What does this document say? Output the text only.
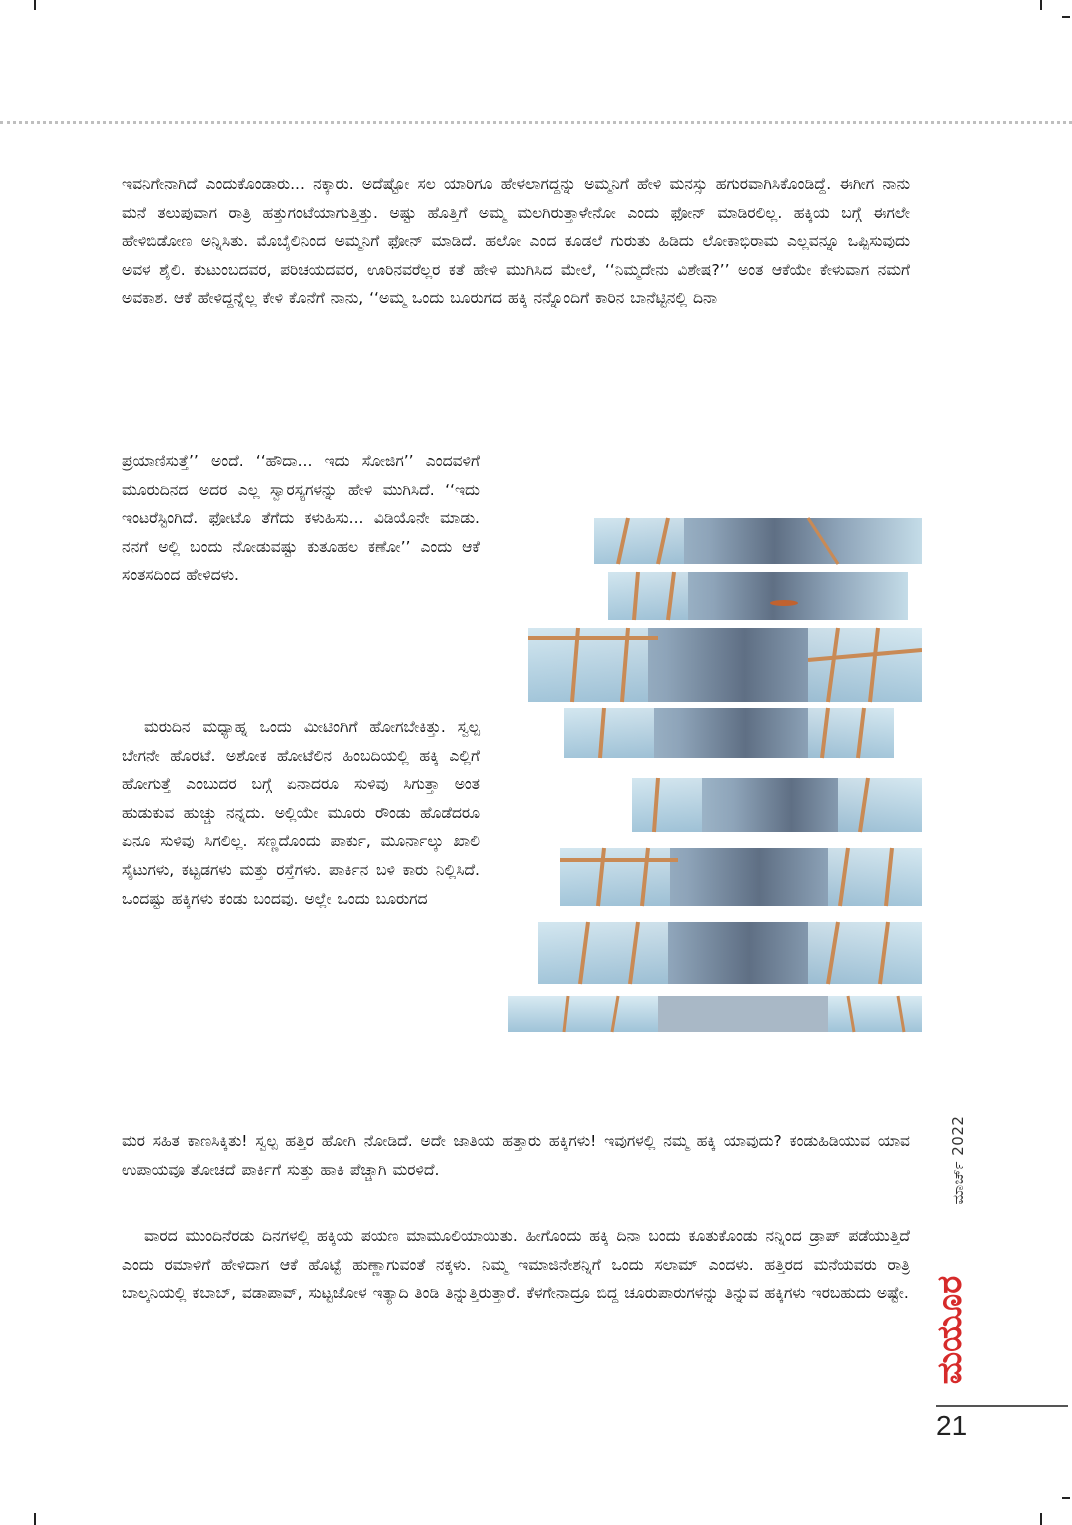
ಇವನಿಗೇನಾಗಿದೆ ಎಂದುಕೊಂಡಾರು... ನಕ್ಕಾರು. ಅದೆಷ್ಟೋ ಸಲ ಯಾರಿಗೂ ಹೇಳಲಾಗದ್ದನ್ನು ಅಮ್ಮನಿಗೆ ಹೇಳಿ ಮನಸ್ಸು ಹಗುರವಾಗಿಸಿಕೊಂಡಿದ್ದೆ. ಈಗೀಗ ನಾನು ಮನೆ ತಲುಪುವಾಗ ರಾತ್ರಿ ಹತ್ತುಗಂಟೆಯಾಗುತ್ತಿತ್ತು. ಅಷ್ಟು ಹೊತ್ತಿಗೆ ಅಮ್ಮ ಮಲಗಿರುತ್ತಾಳೇನೋ ಎಂದು ಫೋನ್ ಮಾಡಿರಲಿಲ್ಲ. ಹಕ್ಕಿಯ ಬಗ್ಗೆ ಈಗಲೇ ಹೇಳಿಬಿಡೋಣ ಅನ್ನಿಸಿತು. ಮೊಬೈಲಿನಿಂದ ಅಮ್ಮನಿಗೆ ಫೋನ್ ಮಾಡಿದೆ. ಹಲೋ ಎಂದ ಕೂಡಲೆ ಗುರುತು ಹಿಡಿದು ಲೋಕಾಭಿರಾಮ ಎಲ್ಲವನ್ನೂ ಒಪ್ಪಿಸುವುದು ಅವಳ ಶೈಲಿ. ಕುಟುಂಬದವರ, ಪರಿಚಯದವರ, ಊರಿನವರೆಲ್ಲರ ಕತೆ ಹೇಳಿ ಮುಗಿಸಿದ ಮೇಲೆ, ‘‘ನಿಮ್ಮದೇನು ವಿಶೇಷ?’’ ಅಂತ ಆಕೆಯೇ ಕೇಳುವಾಗ ನಮಗೆ ಅವಕಾಶ. ಆಕೆ ಹೇಳಿದ್ದನ್ನೆಲ್ಲ ಕೇಳಿ ಕೊನೆಗೆ ನಾನು, ‘‘ಅಮ್ಮ ಒಂದು ಬೂರುಗದ ಹಕ್ಕಿ ನನ್ನೊಂದಿಗೆ ಕಾರಿನ ಬಾನೆಟ್ಟಿನಲ್ಲಿ ದಿನಾ

ಪ್ರಯಾಣಿಸುತ್ತೆ’’ ಅಂದೆ. ‘‘ಹೌದಾ... ಇದು ಸೋಜಿಗ’’ ಎಂದವಳಿಗೆ ಮೂರುದಿನದ ಅದರ ಎಲ್ಲ ಸ್ವಾರಸ್ಯಗಳನ್ನು ಹೇಳಿ ಮುಗಿಸಿದೆ. ‘‘ಇದು ಇಂಟರೆಸ್ಟಿಂಗಿದೆ. ಫೋಟೊ ತೆಗೆದು ಕಳುಹಿಸು... ವಿಡಿಯೊನೇ ಮಾಡು. ನನಗೆ ಅಲ್ಲಿ ಬಂದು ನೋಡುವಷ್ಟು ಕುತೂಹಲ ಕಣೋ’’ ಎಂದು ಆಕೆ ಸಂತಸದಿಂದ ಹೇಳಿದಳು.

ಮರುದಿನ ಮಧ್ಯಾಹ್ನ ಒಂದು ಮೀಟಿಂಗಿಗೆ ಹೋಗಬೇಕಿತ್ತು. ಸ್ವಲ್ಪ ಬೇಗನೇ ಹೊರಟೆ. ಅಶೋಕ ಹೋಟೆಲಿನ ಹಿಂಬದಿಯಲ್ಲಿ ಹಕ್ಕಿ ಎಲ್ಲಿಗೆ ಹೋಗುತ್ತೆ ಎಂಬುದರ ಬಗ್ಗೆ ಏನಾದರೂ ಸುಳಿವು ಸಿಗುತ್ತಾ ಅಂತ ಹುಡುಕುವ ಹುಚ್ಚು ನನ್ನದು. ಅಲ್ಲಿಯೇ ಮೂರು ರೌಂಡು ಹೊಡೆದರೂ ಏನೂ ಸುಳಿವು ಸಿಗಲಿಲ್ಲ. ಸಣ್ಣದೊಂದು ಪಾರ್ಕು, ಮೂರ್ನಾಲ್ಕು ಖಾಲಿ ಸೈಟುಗಳು, ಕಟ್ಟಡಗಳು ಮತ್ತು ರಸ್ತೆಗಳು. ಪಾರ್ಕಿನ ಬಳಿ ಕಾರು ನಿಲ್ಲಿಸಿದೆ. ಒಂದಷ್ಟು ಹಕ್ಕಿಗಳು ಕಂಡು ಬಂದವು. ಅಲ್ಲೇ ಒಂದು ಬೂರುಗದ

ಮರ ಸಹಿತ ಕಾಣಸಿಕ್ಕಿತು! ಸ್ವಲ್ಪ ಹತ್ತಿರ ಹೋಗಿ ನೋಡಿದೆ. ಅದೇ ಜಾತಿಯ ಹತ್ತಾರು ಹಕ್ಕಿಗಳು! ಇವುಗಳಲ್ಲಿ ನಮ್ಮ ಹಕ್ಕಿ ಯಾವುದು? ಕಂಡುಹಿಡಿಯುವ ಯಾವ ಉಪಾಯವೂ ತೋಚದೆ ಪಾರ್ಕಿಗೆ ಸುತ್ತು ಹಾಕಿ ಪೆಚ್ಚಾಗಿ ಮರಳಿದೆ.

ವಾರದ ಮುಂದಿನೆರಡು ದಿನಗಳಲ್ಲಿ ಹಕ್ಕಿಯ ಪಯಣ ಮಾಮೂಲಿಯಾಯಿತು. ಹೀಗೊಂದು ಹಕ್ಕಿ ದಿನಾ ಬಂದು ಕೂತುಕೊಂಡು ನನ್ನಿಂದ ಡ್ರಾಪ್ ಪಡೆಯುತ್ತಿದೆ ಎಂದು ರಮಾಳಿಗೆ ಹೇಳಿದಾಗ ಆಕೆ ಹೊಟ್ಟೆ ಹುಣ್ಣಾಗುವಂತೆ ನಕ್ಕಳು. ನಿಮ್ಮ ಇಮಾಜಿನೇಶನ್ನಿಗೆ ಒಂದು ಸಲಾಮ್ ಎಂದಳು. ಹತ್ತಿರದ ಮನೆಯವರು ರಾತ್ರಿ ಬಾಲ್ಕನಿಯಲ್ಲಿ ಕಬಾಬ್, ವಡಾಪಾವ್, ಸುಟ್ಟಜೋಳ ಇತ್ಯಾದಿ ತಿಂಡಿ ತಿನ್ನುತ್ತಿರುತ್ತಾರೆ. ಕೆಳಗೇನಾದ್ರೂ ಬಿದ್ದ ಚೂರುಪಾರುಗಳನ್ನು ತಿನ್ನುವ ಹಕ್ಕಿಗಳು ಇರಬಹುದು ಅಷ್ಟೇ.

ಮಾರ್ಚ್ 2022
ಮಯೂರ
21
